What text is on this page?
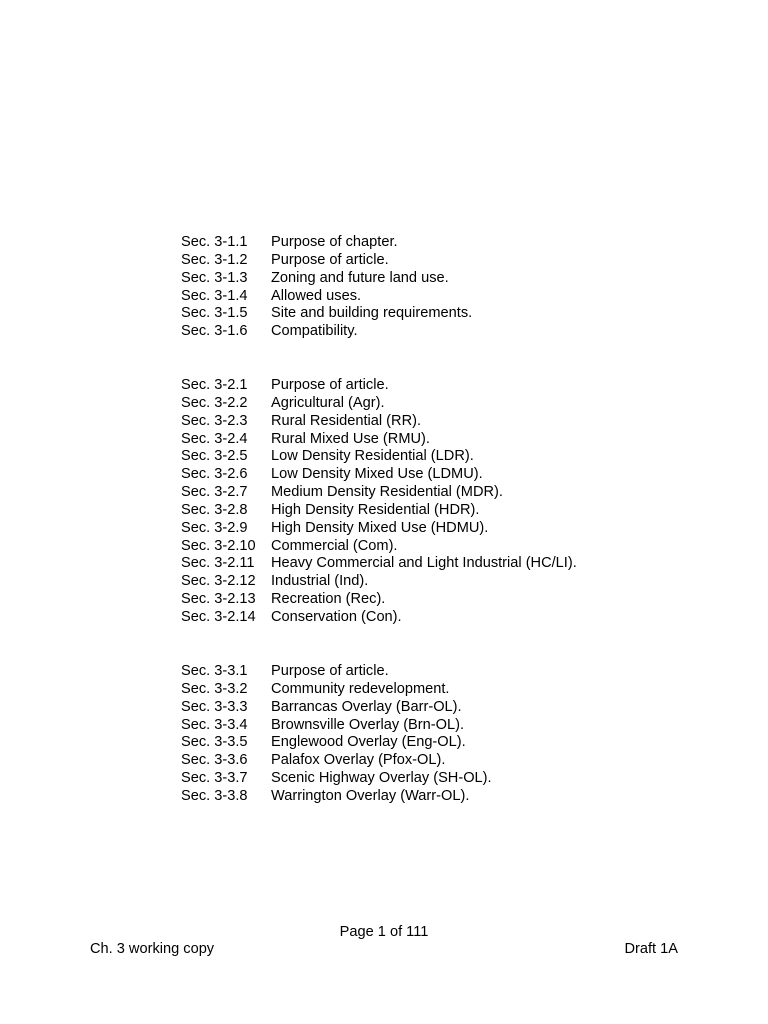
Sec. 3-1.1	Purpose of chapter.
Sec. 3-1.2	Purpose of article.
Sec. 3-1.3	Zoning and future land use.
Sec. 3-1.4	Allowed uses.
Sec. 3-1.5	Site and building requirements.
Sec. 3-1.6	Compatibility.
Sec. 3-2.1	Purpose of article.
Sec. 3-2.2	Agricultural (Agr).
Sec. 3-2.3	Rural Residential (RR).
Sec. 3-2.4	Rural Mixed Use (RMU).
Sec. 3-2.5	Low Density Residential (LDR).
Sec. 3-2.6	Low Density Mixed Use (LDMU).
Sec. 3-2.7	Medium Density Residential (MDR).
Sec. 3-2.8	High Density Residential (HDR).
Sec. 3-2.9	High Density Mixed Use (HDMU).
Sec. 3-2.10	Commercial (Com).
Sec. 3-2.11	Heavy Commercial and Light Industrial (HC/LI).
Sec. 3-2.12	Industrial (Ind).
Sec. 3-2.13	Recreation (Rec).
Sec. 3-2.14	Conservation (Con).
Sec. 3-3.1	Purpose of article.
Sec. 3-3.2	Community redevelopment.
Sec. 3-3.3	Barrancas Overlay (Barr-OL).
Sec. 3-3.4	Brownsville Overlay (Brn-OL).
Sec. 3-3.5	Englewood Overlay (Eng-OL).
Sec. 3-3.6	Palafox Overlay (Pfox-OL).
Sec. 3-3.7	Scenic Highway Overlay (SH-OL).
Sec. 3-3.8	Warrington Overlay (Warr-OL).
Page 1 of 111
Ch. 3 working copy	Draft 1A
